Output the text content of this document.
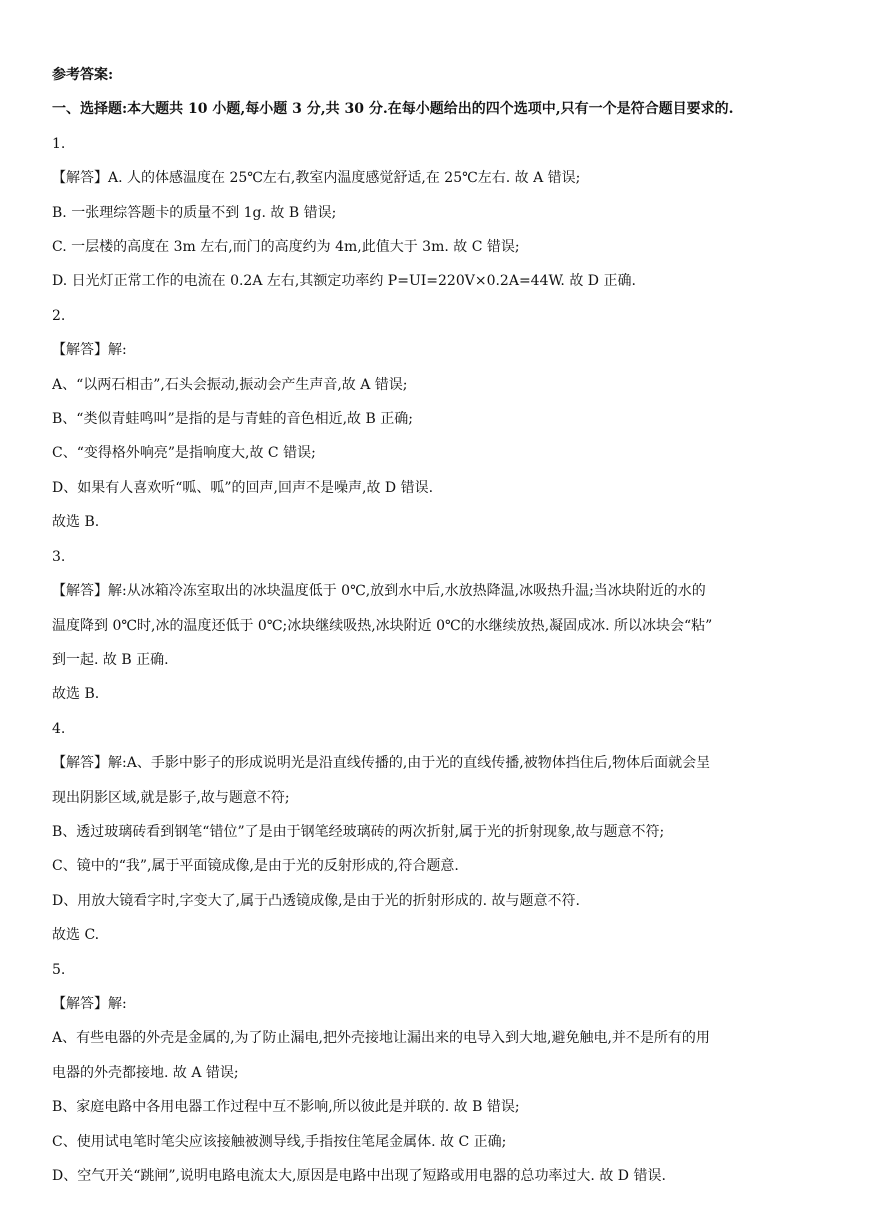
参考答案:
一、选择题:本大题共 10 小题,每小题 3 分,共 30 分.在每小题给出的四个选项中,只有一个是符合题目要求的.
1.
【解答】A. 人的体感温度在 25℃左右,教室内温度感觉舒适,在 25℃左右. 故 A 错误;
B. 一张理综答题卡的质量不到 1g. 故 B 错误;
C. 一层楼的高度在 3m 左右,而门的高度约为 4m,此值大于 3m. 故 C 错误;
D. 日光灯正常工作的电流在 0.2A 左右,其额定功率约 P=UI=220V×0.2A=44W. 故 D 正确.
2.
【解答】解:
A、“以两石相击”,石头会振动,振动会产生声音,故 A 错误;
B、“类似青蛙鸣叫”是指的是与青蛙的音色相近,故 B 正确;
C、“变得格外响亮”是指响度大,故 C 错误;
D、如果有人喜欢听“呱、呱”的回声,回声不是噪声,故 D 错误.
故选 B.
3.
【解答】解:从冰箱冷冻室取出的冰块温度低于 0℃,放到水中后,水放热降温,冰吸热升温;当冰块附近的水的
温度降到 0℃时,冰的温度还低于 0℃;冰块继续吸热,冰块附近 0℃的水继续放热,凝固成冰. 所以冰块会“粘”
到一起. 故 B 正确.
故选 B.
4.
【解答】解:A、手影中影子的形成说明光是沿直线传播的,由于光的直线传播,被物体挡住后,物体后面就会呈
现出阴影区域,就是影子,故与题意不符;
B、透过玻璃砖看到钢笔“错位”了是由于钢笔经玻璃砖的两次折射,属于光的折射现象,故与题意不符;
C、镜中的“我”,属于平面镜成像,是由于光的反射形成的,符合题意.
D、用放大镜看字时,字变大了,属于凸透镜成像,是由于光的折射形成的. 故与题意不符.
故选 C.
5.
【解答】解:
A、有些电器的外壳是金属的,为了防止漏电,把外壳接地让漏出来的电导入到大地,避免触电,并不是所有的用
电器的外壳都接地. 故 A 错误;
B、家庭电路中各用电器工作过程中互不影响,所以彼此是并联的. 故 B 错误;
C、使用试电笔时笔尖应该接触被测导线,手指按住笔尾金属体. 故 C 正确;
D、空气开关“跳闸”,说明电路电流太大,原因是电路中出现了短路或用电器的总功率过大. 故 D 错误.
